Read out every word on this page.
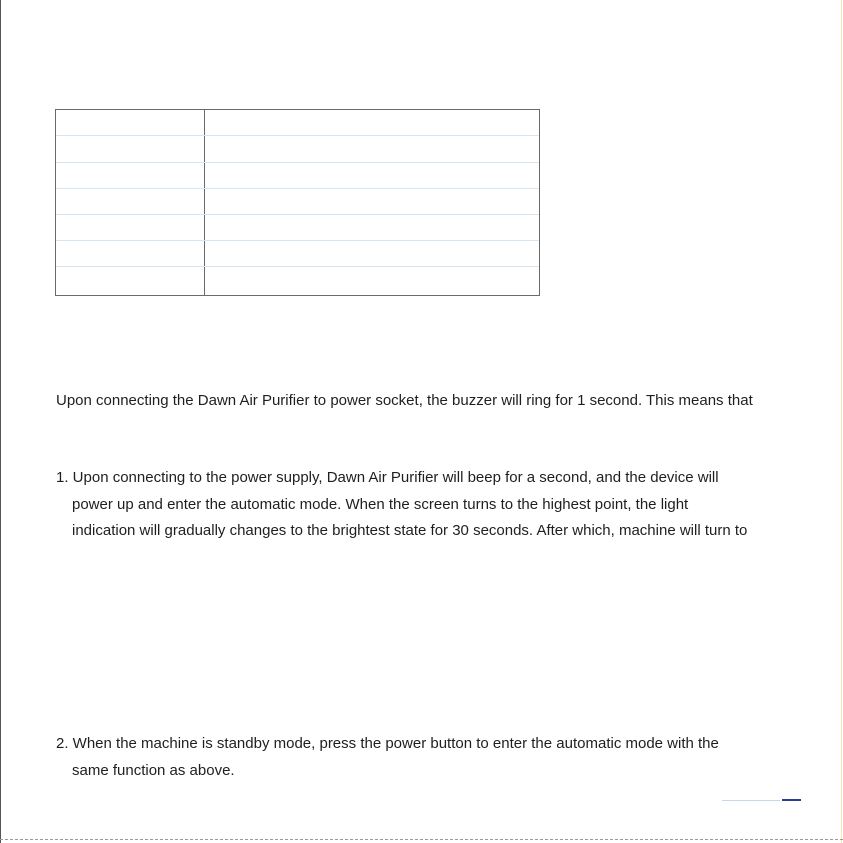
Upon connecting the Dawn Air Purifier to power socket, the buzzer will ring for 1 second. This means that
1. Upon connecting to the power supply, Dawn Air Purifier will beep for a second, and the device will
power up and enter the automatic mode. When the screen turns to the highest point, the light
indication will gradually changes to the brightest state for 30 seconds. After which, machine will turn to
2. When the machine is standby mode, press the power button to enter the automatic mode with the
same function as above.
